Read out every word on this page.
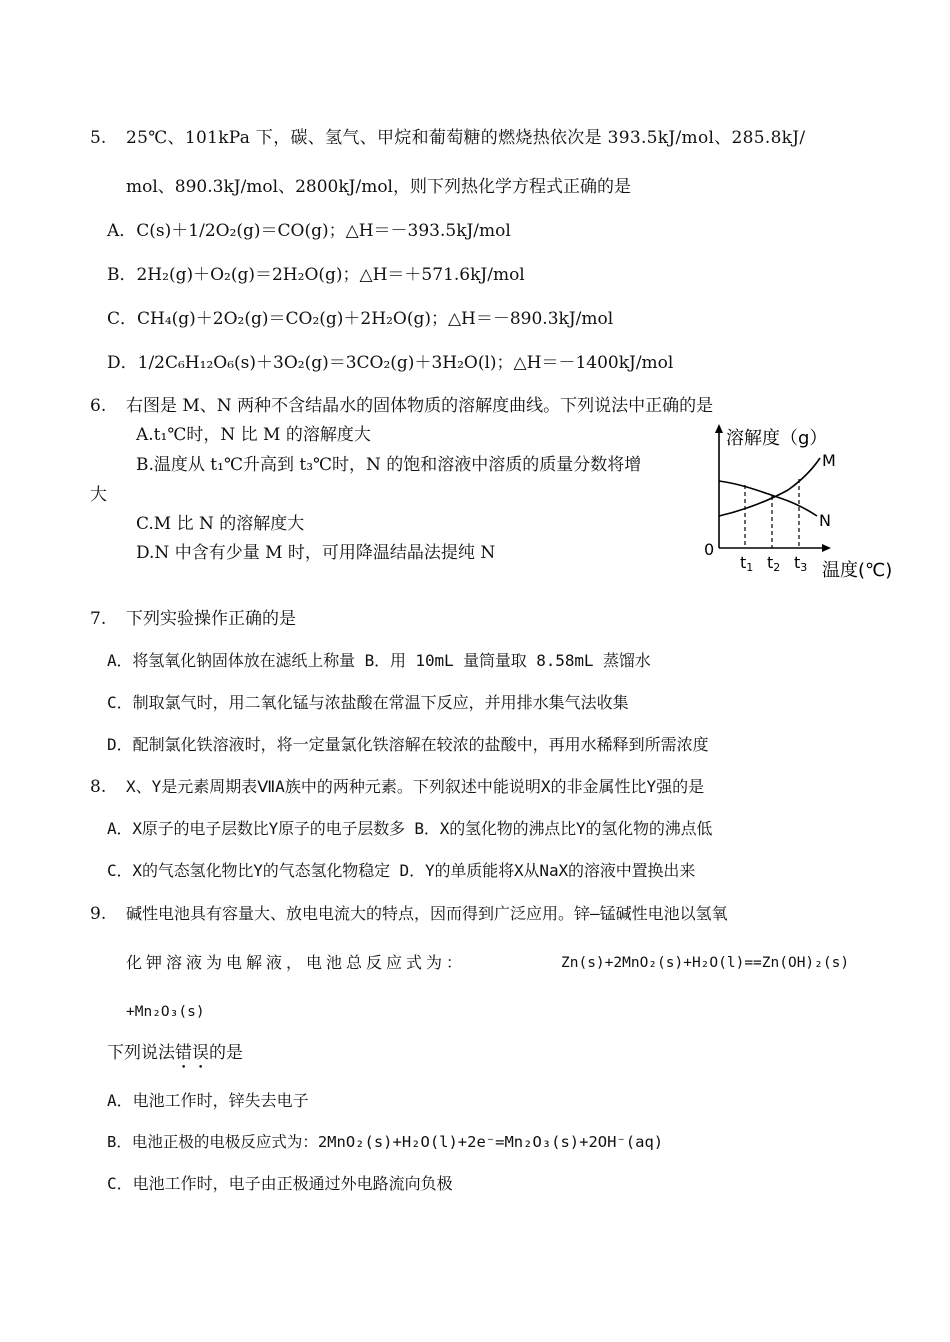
5. 25℃、101kPa 下，碳、氢气、甲烷和葡萄糖的燃烧热依次是 393.5kJ/mol、285.8kJ/
mol、890.3kJ/mol、2800kJ/mol，则下列热化学方程式正确的是
A．C(s)＋1/2O₂(g)＝CO(g)；△H＝－393.5kJ/mol
B．2H₂(g)＋O₂(g)＝2H₂O(g)；△H＝＋571.6kJ/mol
C．CH₄(g)＋2O₂(g)＝CO₂(g)＋2H₂O(g)；△H＝－890.3kJ/mol
D．1/2C₆H₁₂O₆(s)＋3O₂(g)＝3CO₂(g)＋3H₂O(l)；△H＝－1400kJ/mol
6. 右图是 M、N 两种不含结晶水的固体物质的溶解度曲线。下列说法中正确的是
A.t₁℃时，N 比 M 的溶解度大
B.温度从 t₁℃升高到 t₃℃时，N 的饱和溶液中溶质的质量分数将增
大
C.M 比 N 的溶解度大
D.N 中含有少量 M 时，可用降温结晶法提纯 N
溶解度（g）
M
N
0
t1 t2 t3 温度(℃)
7. 下列实验操作正确的是
A．将氢氧化钠固体放在滤纸上称量 B．用 10mL 量筒量取 8.58mL 蒸馏水
C．制取氯气时，用二氧化锰与浓盐酸在常温下反应，并用排水集气法收集
D．配制氯化铁溶液时，将一定量氯化铁溶解在较浓的盐酸中，再用水稀释到所需浓度
8. X、Y是元素周期表ⅦA族中的两种元素。下列叙述中能说明X的非金属性比Y强的是
A．X原子的电子层数比Y原子的电子层数多 B．X的氢化物的沸点比Y的氢化物的沸点低
C．X的气态氢化物比Y的气态氢化物稳定 D．Y的单质能将X从NaX的溶液中置换出来
9. 碱性电池具有容量大、放电电流大的特点，因而得到广泛应用。锌—锰碱性电池以氢氧
化钾溶液为电解液，电池总反应式为：	Zn(s)+2MnO₂(s)+H₂O(l)==Zn(OH)₂(s)
+Mn₂O₃(s)
下列说法错误的是
A．电池工作时，锌失去电子
B．电池正极的电极反应式为：2MnO₂(s)+H₂O(l)+2e⁻=Mn₂O₃(s)+2OH⁻(aq)
C．电池工作时，电子由正极通过外电路流向负极
